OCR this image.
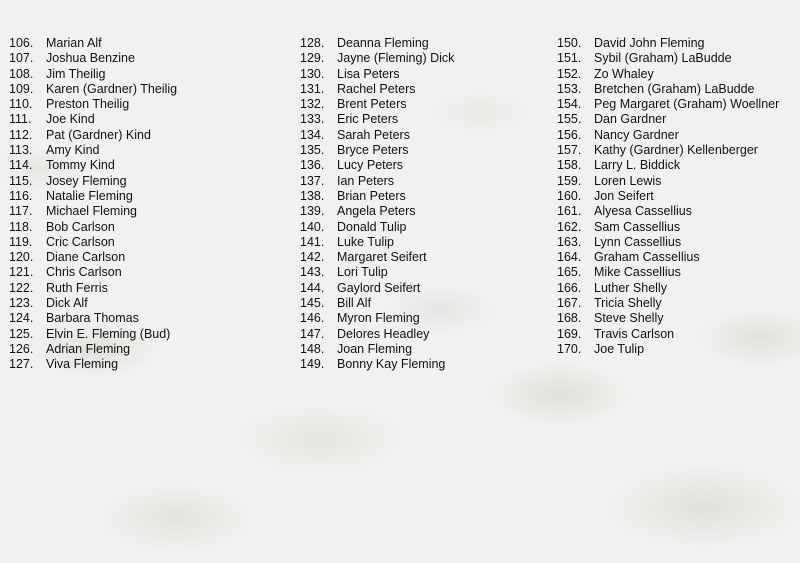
106.	Marian Alf
107.	Joshua Benzine
108.	Jim Theilig
109.	Karen (Gardner) Theilig
110.	Preston Theilig
111.	Joe Kind
112.	Pat (Gardner) Kind
113.	Amy Kind
114.	Tommy Kind
115.	Josey Fleming
116.	Natalie Fleming
117.	Michael Fleming
118.	Bob Carlson
119.	Cric Carlson
120.	Diane Carlson
121.	Chris Carlson
122.	Ruth Ferris
123.	Dick Alf
124.	Barbara Thomas
125.	Elvin E. Fleming (Bud)
126.	Adrian Fleming
127.	Viva Fleming
128.	Deanna Fleming
129.	Jayne (Fleming) Dick
130.	Lisa Peters
131.	Rachel Peters
132.	Brent Peters
133.	Eric Peters
134.	Sarah Peters
135.	Bryce Peters
136.	Lucy Peters
137.	Ian Peters
138.	Brian Peters
139.	Angela Peters
140.	Donald Tulip
141.	Luke Tulip
142.	Margaret Seifert
143.	Lori Tulip
144.	Gaylord Seifert
145.	Bill Alf
146.	Myron Fleming
147.	Delores Headley
148.	Joan Fleming
149.	Bonny Kay Fleming
150.	David John Fleming
151.	Sybil (Graham) LaBudde
152.	Zo Whaley
153.	Bretchen (Graham) LaBudde
154.	Peg Margaret (Graham) Woellner
155.	Dan Gardner
156.	Nancy Gardner
157.	Kathy (Gardner) Kellenberger
158.	Larry L. Biddick
159.	Loren Lewis
160.	Jon Seifert
161.	Alyesa Cassellius
162.	Sam Cassellius
163.	Lynn Cassellius
164.	Graham Cassellius
165.	Mike Cassellius
166.	Luther Shelly
167.	Tricia Shelly
168.	Steve Shelly
169.	Travis Carlson
170.	Joe Tulip
